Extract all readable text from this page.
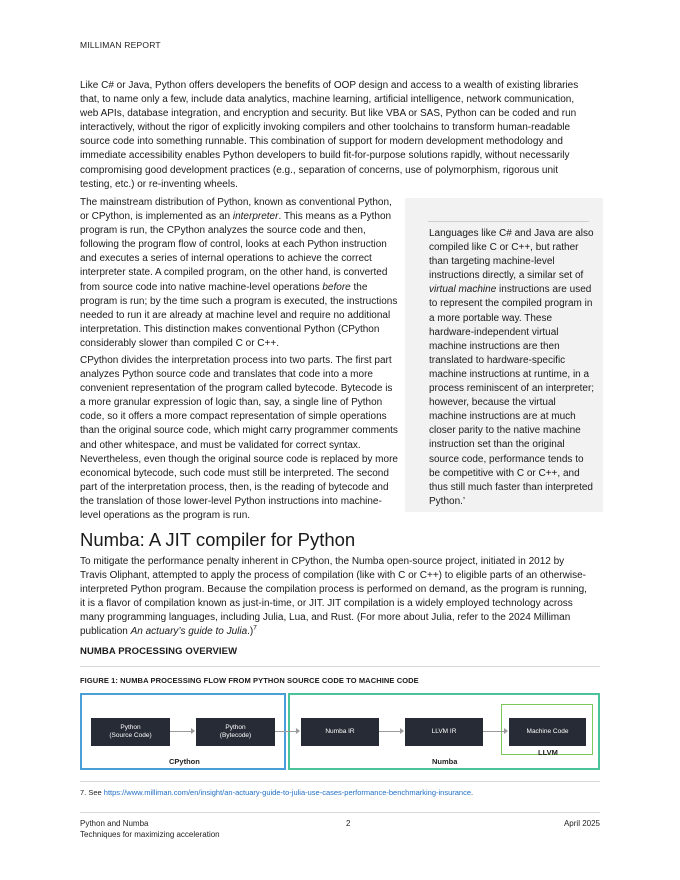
MILLIMAN REPORT

Like C# or Java, Python offers developers the benefits of OOP design and access to a wealth of existing libraries that, to name only a few, include data analytics, machine learning, artificial intelligence, network communication, web APIs, database integration, and encryption and security. But like VBA or SAS, Python can be coded and run interactively, without the rigor of explicitly invoking compilers and other toolchains to transform human-readable source code into something runnable. This combination of support for modern development methodology and immediate accessibility enables Python developers to build fit-for-purpose solutions rapidly, without necessarily compromising good development practices (e.g., separation of concerns, use of polymorphism, rigorous unit testing, etc.) or re-inventing wheels.

The mainstream distribution of Python, known as conventional Python, or CPython, is implemented as an interpreter. This means as a Python program is run, the CPython analyzes the source code and then, following the program flow of control, looks at each Python instruction and executes a series of internal operations to achieve the correct interpreter state. A compiled program, on the other hand, is converted from source code into native machine-level operations before the program is run; by the time such a program is executed, the instructions needed to run it are already at machine level and require no additional interpretation. This distinction makes conventional Python (CPython considerably slower than compiled C or C++.

CPython divides the interpretation process into two parts. The first part analyzes Python source code and translates that code into a more convenient representation of the program called bytecode. Bytecode is a more granular expression of logic than, say, a single line of Python code, so it offers a more compact representation of simple operations than the original source code, which might carry programmer comments and other whitespace, and must be validated for correct syntax. Nevertheless, even though the original source code is replaced by more economical bytecode, such code must still be interpreted. The second part of the interpretation process, then, is the reading of bytecode and the translation of those lower-level Python instructions into machine-level operations as the program is run.

Languages like C# and Java are also compiled like C or C++, but rather than targeting machine-level instructions directly, a similar set of virtual machine instructions are used to represent the compiled program in a more portable way. These hardware-independent virtual machine instructions are then translated to hardware-specific machine instructions at runtime, in a process reminiscent of an interpreter; however, because the virtual machine instructions are at much closer parity to the native machine instruction set than the original source code, performance tends to be competitive with C or C++, and thus still much faster than interpreted Python.’

Numba: A JIT compiler for Python

To mitigate the performance penalty inherent in CPython, the Numba open-source project, initiated in 2012 by Travis Oliphant, attempted to apply the process of compilation (like with C or C++) to eligible parts of an otherwise-interpreted Python program. Because the compilation process is performed on demand, as the program is running, it is a flavor of compilation known as just-in-time, or JIT. JIT compilation is a widely employed technology across many programming languages, including Julia, Lua, and Rust. (For more about Julia, refer to the 2024 Milliman publication An actuary’s guide to Julia.)$^7$

NUMBA PROCESSING OVERVIEW
FIGURE 1: NUMBA PROCESSING FLOW FROM PYTHON SOURCE CODE TO MACHINE CODE
Python
(Source Code)
Python
(Bytecode)
Numba IR	LLVM IR	Machine Code
LLVM
CPython	Numba
7. See https://www.milliman.com/en/insight/an-actuary-guide-to-julia-use-cases-performance-benchmarking-insurance.
Python and Numba
Techniques for maximizing acceleration
2	April 2025
